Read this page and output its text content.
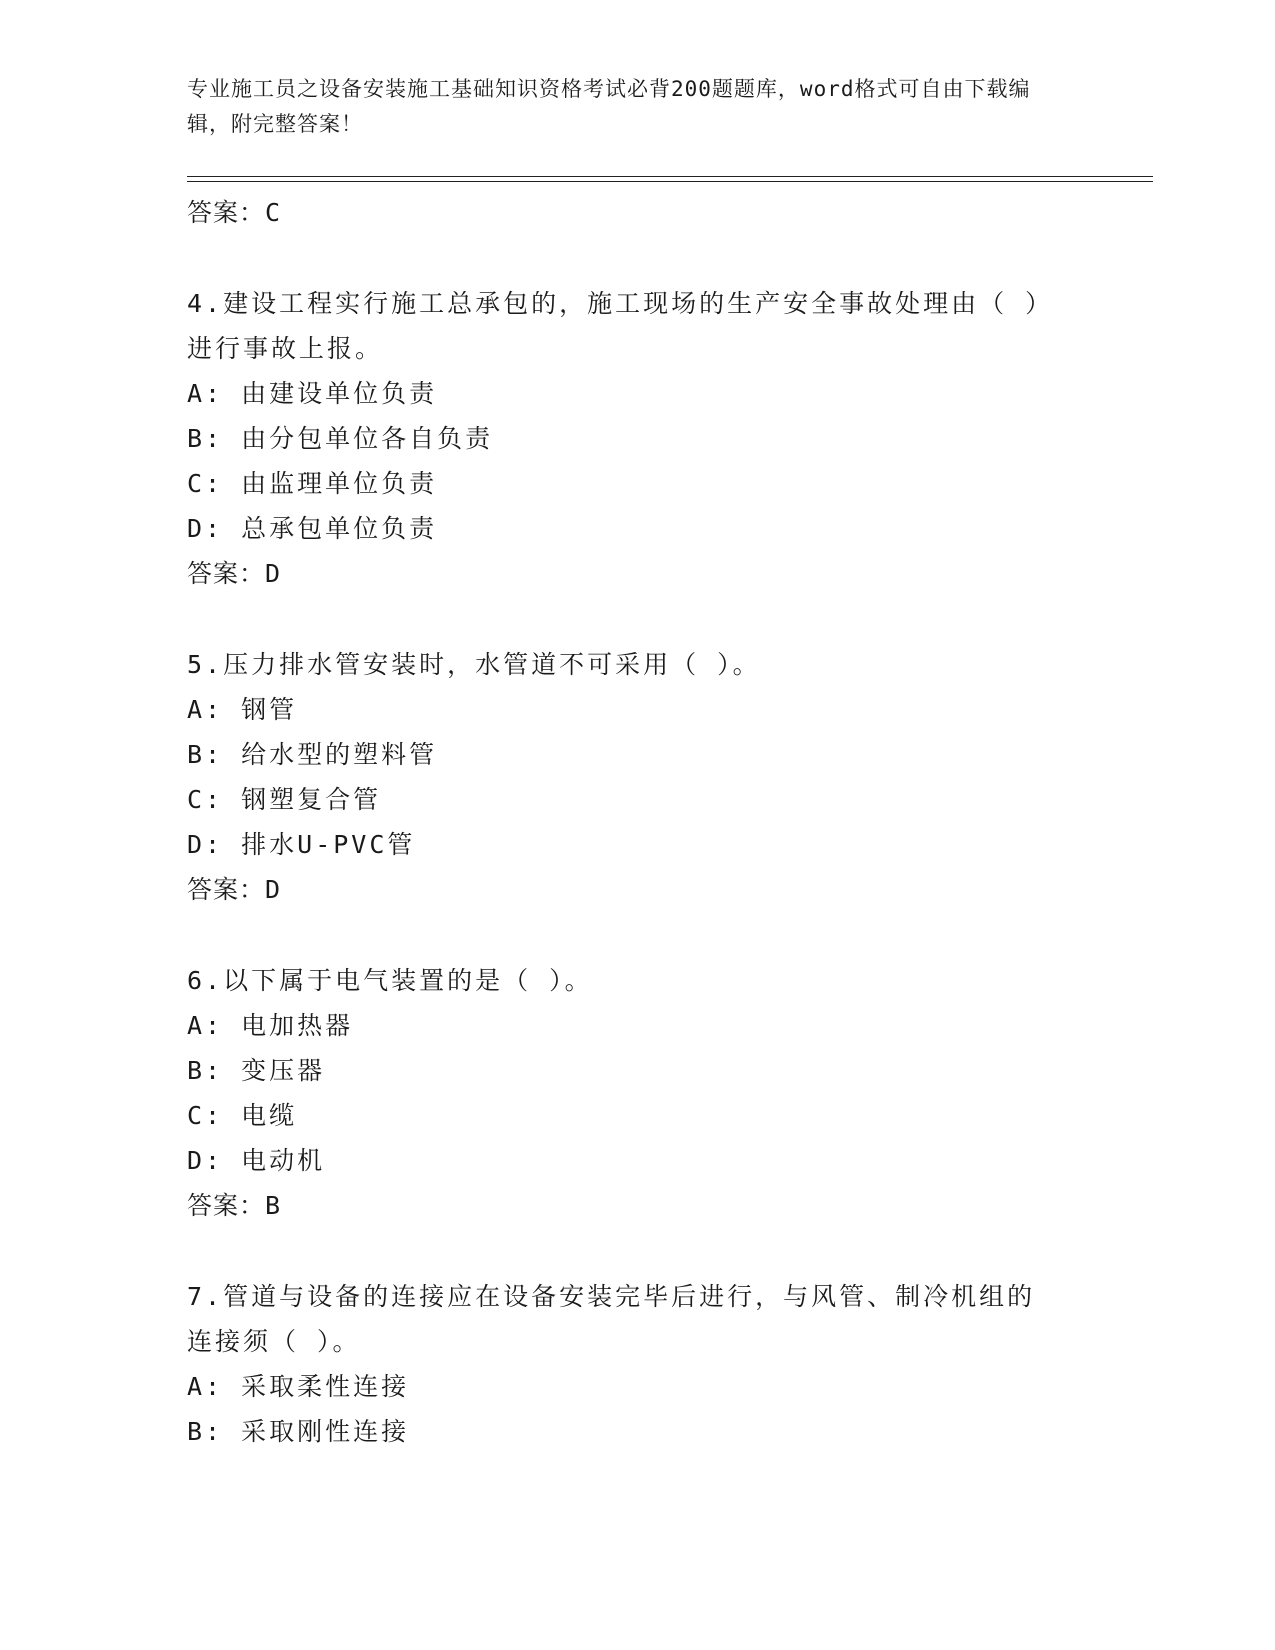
专业施工员之设备安装施工基础知识资格考试必背200题题库，word格式可自由下载编辑，附完整答案！
答案：C
4.建设工程实行施工总承包的，施工现场的生产安全事故处理由（ ）
进行事故上报。
A: 由建设单位负责
B: 由分包单位各自负责
C: 由监理单位负责
D: 总承包单位负责
答案：D
5.压力排水管安装时，水管道不可采用（ ）。
A: 钢管
B: 给水型的塑料管
C: 钢塑复合管
D: 排水U-PVC管
答案：D
6.以下属于电气装置的是（ ）。
A: 电加热器
B: 变压器
C: 电缆
D: 电动机
答案：B
7.管道与设备的连接应在设备安装完毕后进行，与风管、制冷机组的
连接须（ ）。
A: 采取柔性连接
B: 采取刚性连接
